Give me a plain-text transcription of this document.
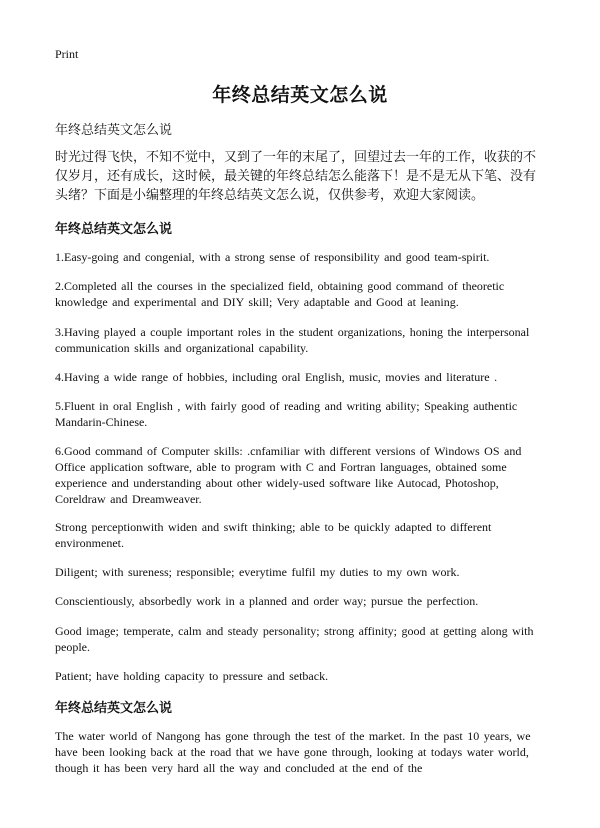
Print
年终总结英文怎么说
年终总结英文怎么说
时光过得飞快，不知不觉中，又到了一年的末尾了，回望过去一年的工作，收获的不仅岁月，还有成长，这时候，最关键的年终总结怎么能落下！是不是无从下笔、没有头绪？下面是小编整理的年终总结英文怎么说，仅供参考，欢迎大家阅读。
年终总结英文怎么说
1.Easy-going and congenial, with a strong sense of responsibility and good team-spirit.
2.Completed all the courses in the specialized field, obtaining good command of theoretic knowledge and experimental and DIY skill; Very adaptable and Good at leaning.
3.Having played a couple important roles in the student organizations, honing the interpersonal communication skills and organizational capability.
4.Having a wide range of hobbies, including oral English, music, movies and literature .
5.Fluent in oral English , with fairly good of reading and writing ability; Speaking authentic Mandarin-Chinese.
6.Good command of Computer skills: .cnfamiliar with different versions of Windows OS and Office application software, able to program with C and Fortran languages, obtained some experience and understanding about other widely-used software like Autocad, Photoshop, Coreldraw and Dreamweaver.
Strong perceptionwith widen and swift thinking; able to be quickly adapted to different environmenet.
Diligent; with sureness; responsible; everytime fulfil my duties to my own work.
Conscientiously, absorbedly work in a planned and order way; pursue the perfection.
Good image; temperate, calm and steady personality; strong affinity; good at getting along with people.
Patient; have holding capacity to pressure and setback.
年终总结英文怎么说
The water world of Nangong has gone through the test of the market. In the past 10 years, we have been looking back at the road that we have gone through, looking at todays water world, though it has been very hard all the way and concluded at the end of the
